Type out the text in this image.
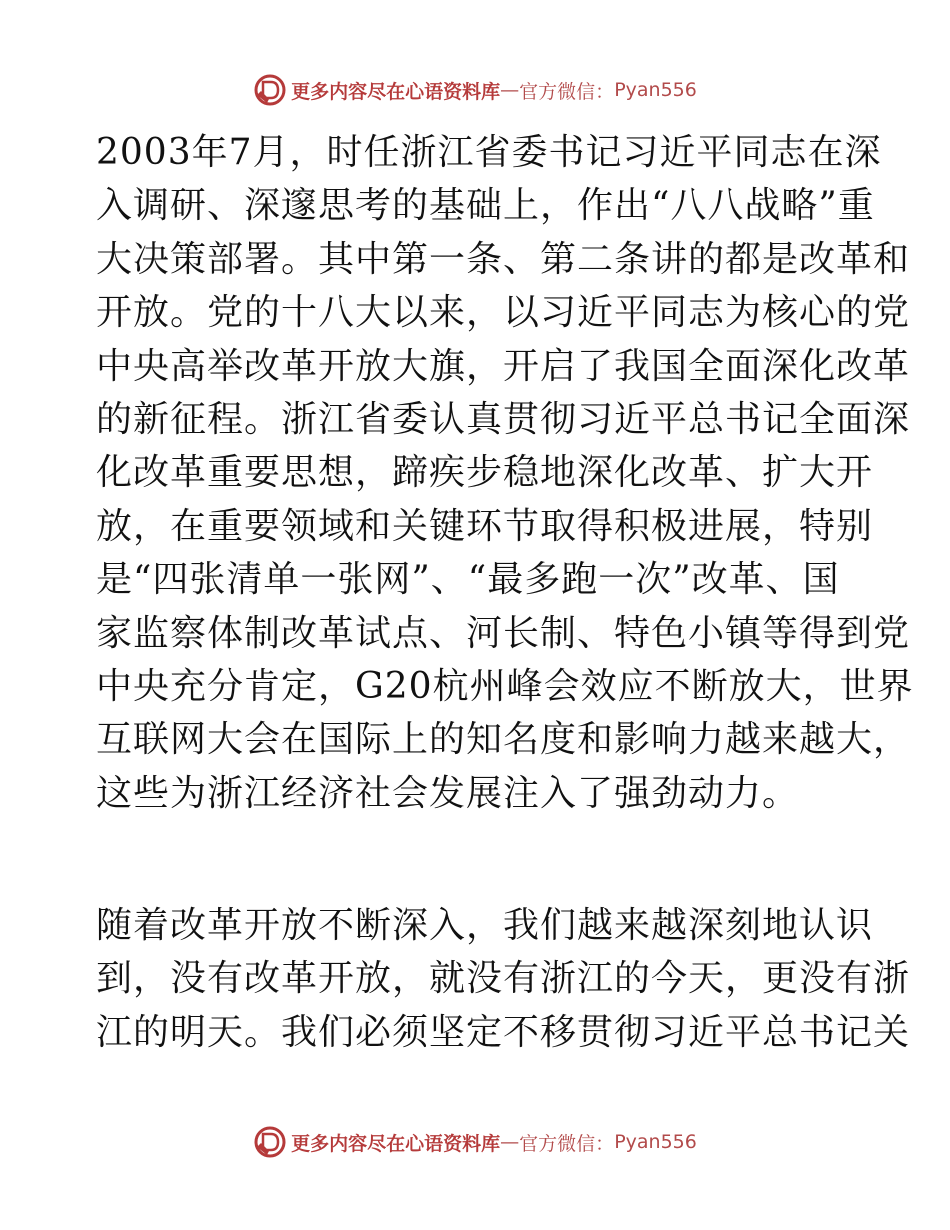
更多内容尽在心语资料库 — 官方微信： Pyan556
2003年7月，时任浙江省委书记习近平同志在深
入调研、深邃思考的基础上，作出“八八战略”重
大决策部署。其中第一条、第二条讲的都是改革和
开放。党的十八大以来，以习近平同志为核心的党
中央高举改革开放大旗，开启了我国全面深化改革
的新征程。浙江省委认真贯彻习近平总书记全面深
化改革重要思想，蹄疾步稳地深化改革、扩大开
放，在重要领域和关键环节取得积极进展，特别
是“四张清单一张网”、“最多跑一次”改革、国
家监察体制改革试点、河长制、特色小镇等得到党
中央充分肯定，G20杭州峰会效应不断放大，世界
互联网大会在国际上的知名度和影响力越来越大，
这些为浙江经济社会发展注入了强劲动力。
随着改革开放不断深入，我们越来越深刻地认识
到，没有改革开放，就没有浙江的今天，更没有浙
江的明天。我们必须坚定不移贯彻习近平总书记关
更多内容尽在心语资料库 — 官方微信： Pyan556
